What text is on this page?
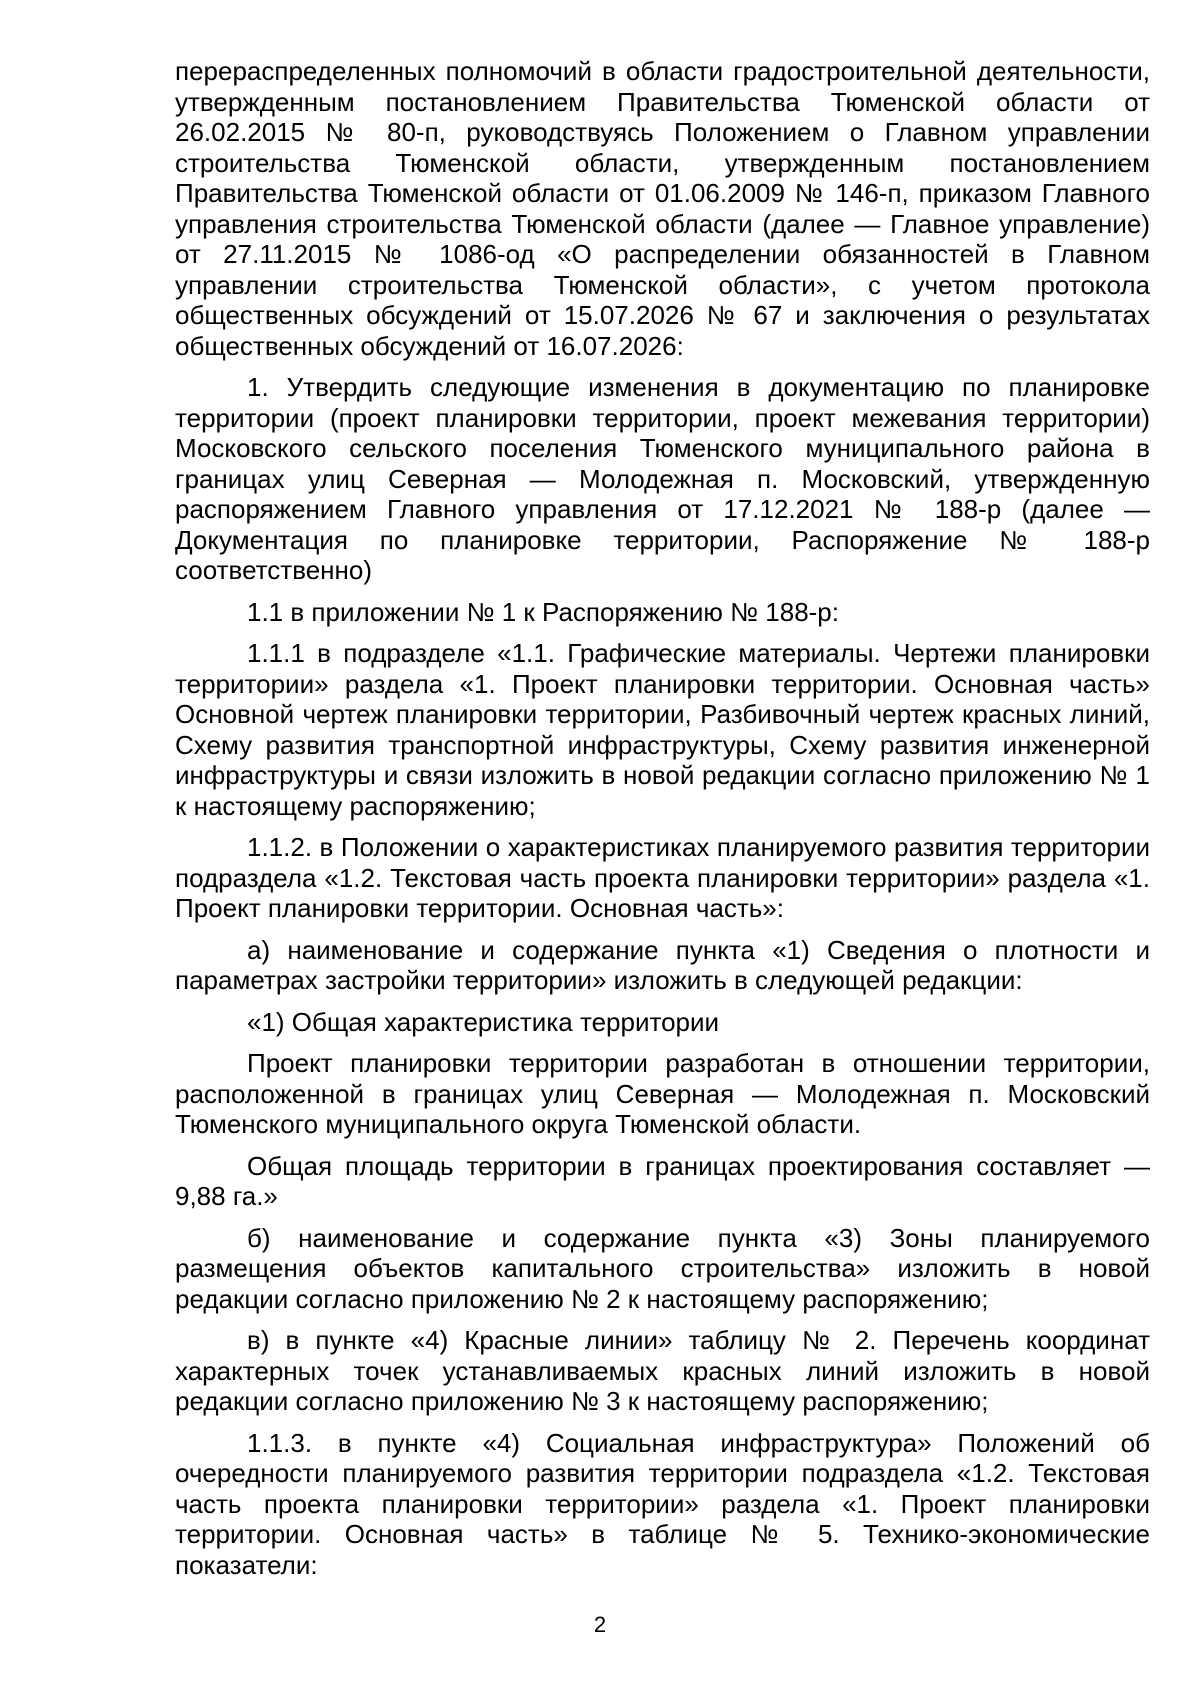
перераспределенных полномочий в области градостроительной деятельности, утвержденным постановлением Правительства Тюменской области от 26.02.2015 № 80-п, руководствуясь Положением о Главном управлении строительства Тюменской области, утвержденным постановлением Правительства Тюменской области от 01.06.2009 № 146-п, приказом Главного управления строительства Тюменской области (далее — Главное управление) от 27.11.2015 № 1086-од «О распределении обязанностей в Главном управлении строительства Тюменской области», с учетом протокола общественных обсуждений от 15.07.2026 № 67 и заключения о результатах общественных обсуждений от 16.07.2026:

1. Утвердить следующие изменения в документацию по планировке территории (проект планировки территории, проект межевания территории) Московского сельского поселения Тюменского муниципального района в границах улиц Северная — Молодежная п. Московский, утвержденную распоряжением Главного управления от 17.12.2021 № 188-р (далее — Документация по планировке территории, Распоряжение № 188-р соответственно)

1.1 в приложении № 1 к Распоряжению № 188-р:

1.1.1 в подразделе «1.1. Графические материалы. Чертежи планировки территории» раздела «1. Проект планировки территории. Основная часть» Основной чертеж планировки территории, Разбивочный чертеж красных линий, Схему развития транспортной инфраструктуры, Схему развития инженерной инфраструктуры и связи изложить в новой редакции согласно приложению № 1 к настоящему распоряжению;

1.1.2. в Положении о характеристиках планируемого развития территории подраздела «1.2. Текстовая часть проекта планировки территории» раздела «1. Проект планировки территории. Основная часть»:

а) наименование и содержание пункта «1) Сведения о плотности и параметрах застройки территории» изложить в следующей редакции:

«1) Общая характеристика территории

Проект планировки территории разработан в отношении территории, расположенной в границах улиц Северная — Молодежная п. Московский Тюменского муниципального округа Тюменской области.

Общая площадь территории в границах проектирования составляет — 9,88 га.»

б) наименование и содержание пункта «3) Зоны планируемого размещения объектов капитального строительства» изложить в новой редакции согласно приложению № 2 к настоящему распоряжению;

в) в пункте «4) Красные линии» таблицу № 2. Перечень координат характерных точек устанавливаемых красных линий изложить в новой редакции согласно приложению № 3 к настоящему распоряжению;

1.1.3. в пункте «4) Социальная инфраструктура» Положений об очередности планируемого развития территории подраздела «1.2. Текстовая часть проекта планировки территории» раздела «1. Проект планировки территории. Основная часть» в таблице № 5. Технико-экономические показатели:

2
